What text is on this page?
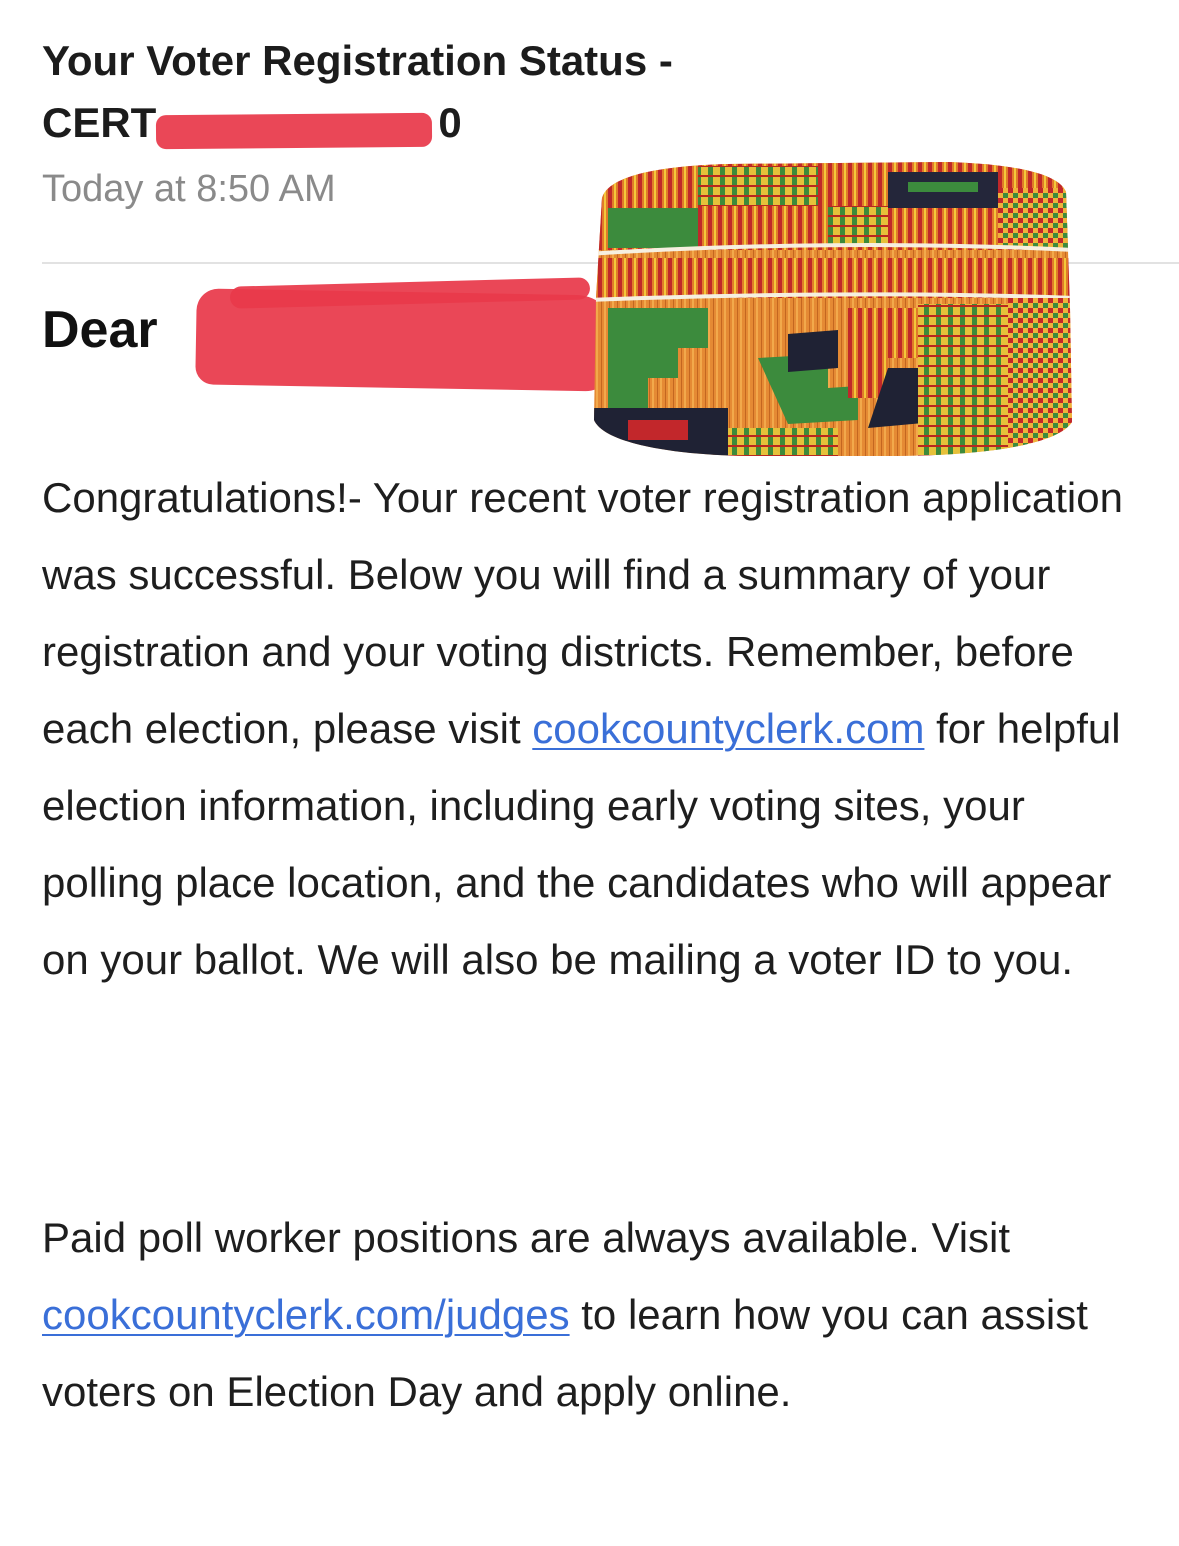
Your Voter Registration Status -
CERT	0
Today at 8:50 AM
Dear

Congratulations!- Your recent voter registration application was successful. Below you will find a summary of your registration and your voting districts. Remember, before each election, please visit cookcountyclerk.com for helpful election information, including early voting sites, your polling place location, and the candidates who will appear on your ballot. We will also be mailing a voter ID to you.

Paid poll worker positions are always available. Visit cookcountyclerk.com/judges to learn how you can assist voters on Election Day and apply online.
